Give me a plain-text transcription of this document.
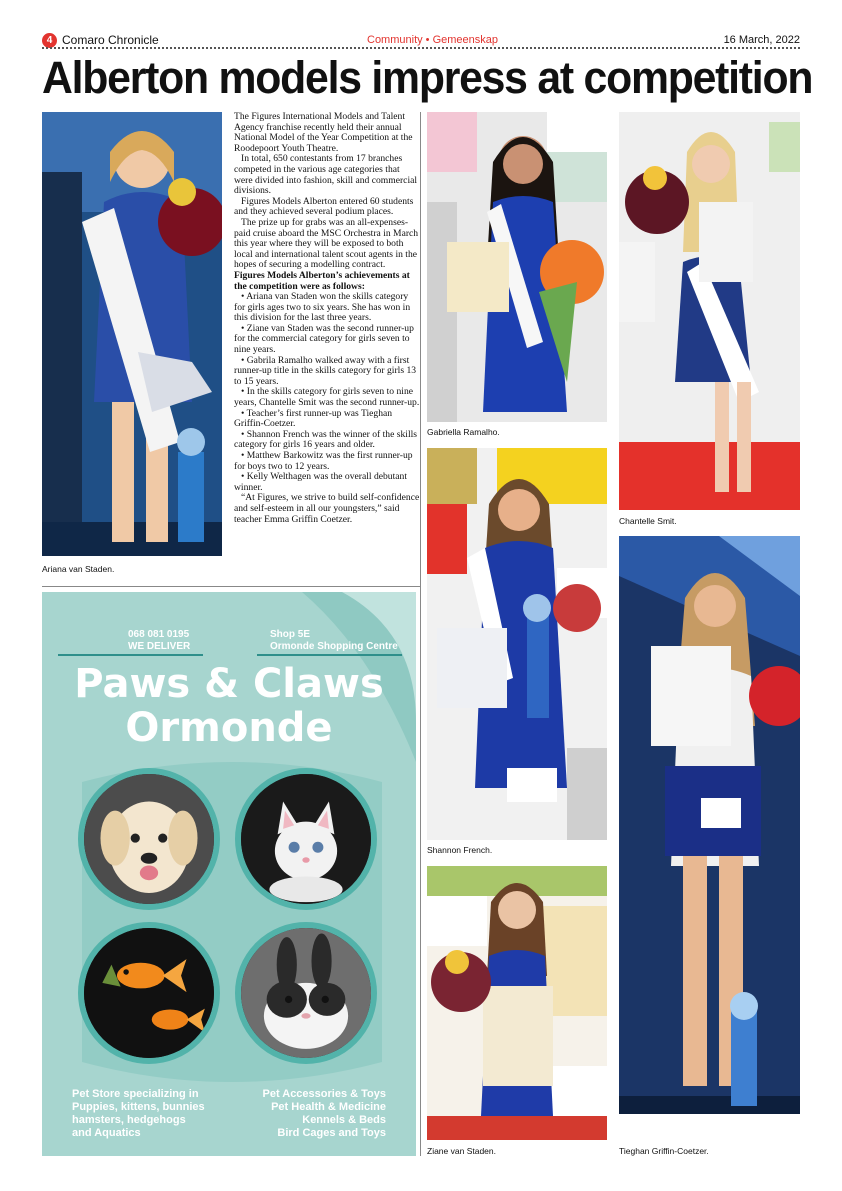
4 Comaro Chronicle	Community • Gemeenskap	16 March, 2022
Alberton models impress at competition
Ariana van Staden.

The Figures International Models and Talent Agency franchise recently held their annual National Model of the Year Competition at the Roodepoort Youth Theatre.

In total, 650 contestants from 17 branches competed in the various age categories that were divided into fashion, skill and commercial divisions.

Figures Models Alberton entered 60 students and they achieved several podium places.

The prize up for grabs was an all-expenses-paid cruise aboard the MSC Orchestra in March this year where they will be exposed to both local and international talent scout agents in the hopes of securing a modelling contract.

Figures Models Alberton’s achievements at the competition were as follows:

• Ariana van Staden won the skills category for girls ages two to six years. She has won in this division for the last three years.

• Ziane van Staden was the second runner-up for the commercial category for girls seven to nine years.

• Gabrila Ramalho walked away with a first runner-up title in the skills category for girls 13 to 15 years.

• In the skills category for girls seven to nine years, Chantelle Smit was the second runner-up.

• Teacher’s first runner-up was Tieghan Griffin-Coetzer.

• Shannon French was the winner of the skills category for girls 16 years and older.

• Matthew Barkowitz was the first runner-up for boys two to 12 years.

• Kelly Welthagen was the overall debutant winner.

“At Figures, we strive to build self-confidence and self-esteem in all our youngsters,” said teacher Emma Griffin Coetzer.

Gabriella Ramalho.
Chantelle Smit.
Shannon French.
Ziane van Staden.	Tieghan Griffin-Coetzer.
068 081 0195
WE DELIVER
Shop 5E
Ormonde Shopping Centre
Paws & Claws
Ormonde
Pet Store specializing in
Puppies, kittens, bunnies
hamsters, hedgehogs
and Aquatics
Pet Accessories & Toys
Pet Health & Medicine
Kennels & Beds
Bird Cages and Toys
